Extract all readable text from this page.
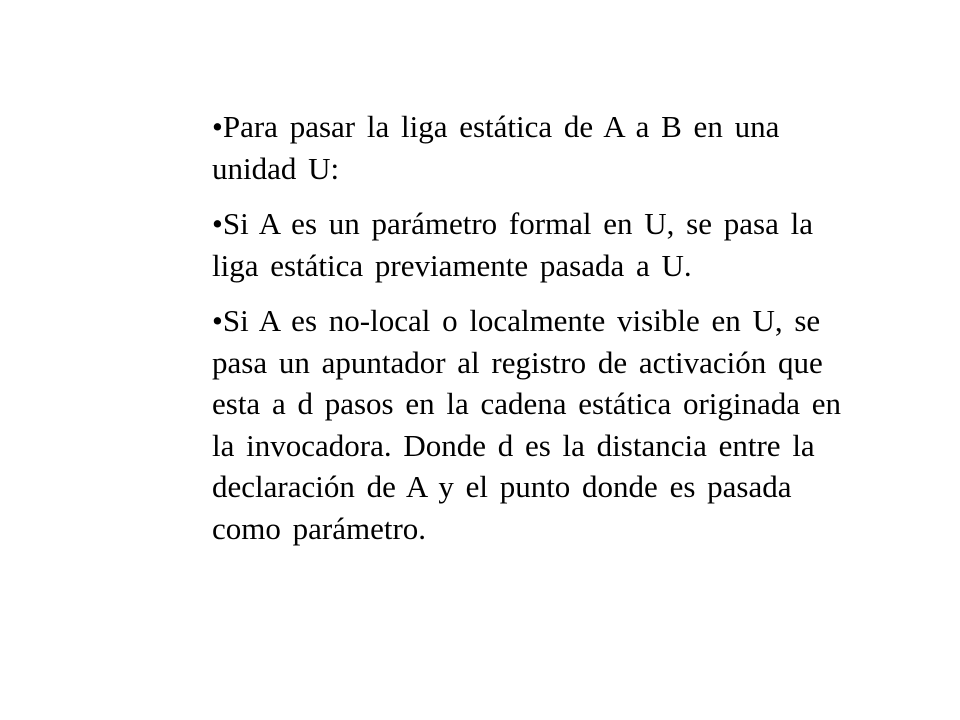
•Para pasar la liga estática de A a B en una unidad U:
•Si A es un parámetro formal en U, se pasa la liga estática previamente pasada a U.
•Si A es no-local o localmente visible en U, se pasa un apuntador al registro de activación que esta a d pasos en la cadena estática originada en la invocadora. Donde d es la distancia entre la declaración de A y el punto donde es pasada como parámetro.
